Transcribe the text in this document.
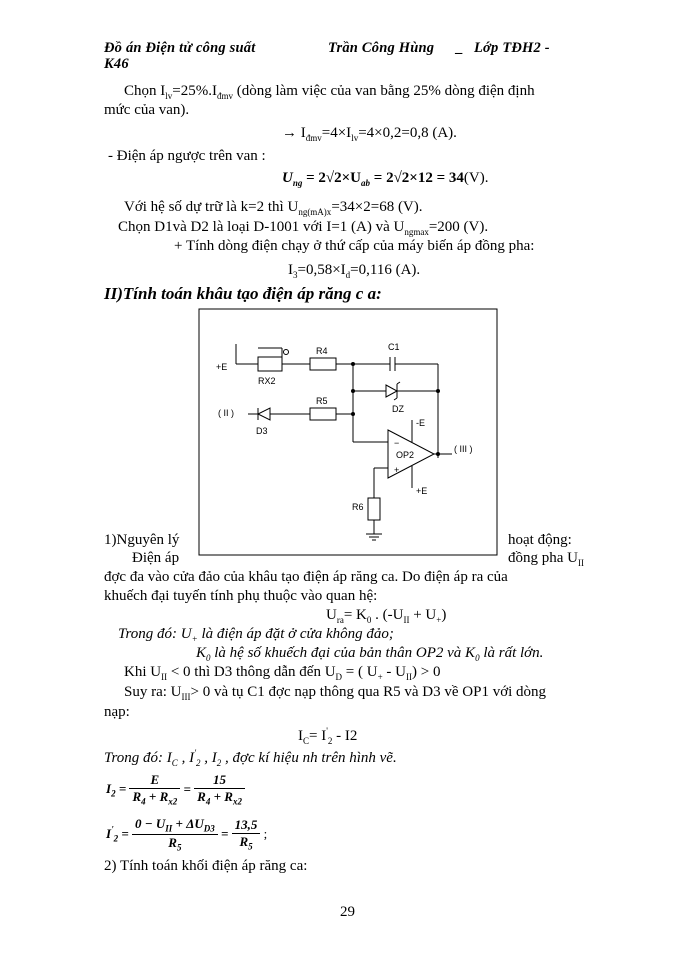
Đồ án Điện tử công suất	Trần Công Hùng _ Lớp TĐH2 -
K46
Chọn $I_{lv}=25\%.I_{đmv}$ (dòng làm việc của van bằng 25% dòng điện định
mức của van).
→ $I_{đmv}=4\times I_{lv}=4\times 0,2=0,8$ (A).
- Điện áp ngược trên van :
$U_{ng} = 2√2\times U_{ab} = 2√2\times 12 = 34(V)$.
Với hệ số dự trữ là k=2 thì $U_{ng(mA)x}=34\times 2=68$ (V).
Chọn D1và D2 là loại D-1001 với I=1 (A) và $U_{ngmax}=200$ (V).
+ Tính dòng điện chạy ở thứ cấp của máy biến áp đồng pha:
$I_3=0,58\times I_d=0,116$ (A).
II)Tính toán khâu tạo điện áp răng c a:
+E
RX2
R4	C1
DZ
( II )
D3
R5
−
+
OP2
-E
+E
( III )
R6
1)Nguyên lý	hoạt động:
Điện áp	đồng pha $U_{II}$
đợc đa vào cửa đảo của khâu tạo điện áp răng ca. Do điện áp ra của
khuếch đại tuyến tính phụ thuộc vào quan hệ:
$U_{ra}= K_0$ . $(-U_{II} + U_+)$
Trong đó: $U_+$ là điện áp đặt ở cửa không đảo;
$K_0$ là hệ số khuếch đại của bản thân OP2 và $K_0$ là rất lớn.
Khi $U_{II} < 0$ thì D3 thông dẫn đến $U_D$ = ( $U_+ - U_{II}) > 0$
Suy ra: $U_{III}> 0$ và tụ C1 đợc nạp thông qua R5 và D3 về OP1 với dòng
nạp:
$I_C= I'_2 - I2$
Trong đó: $I_C$ , $I'_2$ , $I_2$ , đợc kí hiệu nh trên hình vẽ.
$I_2 = \frac{E}{R_4 + R_{x2}} = \frac{15}{R_4 + R_{x2}}$
$I'_2 = \frac{0 - U_{II} + \Delta U_{D3}}{R_5} = \frac{13,5}{R_5}$ ;
2) Tính toán khối điện áp răng ca:
29
